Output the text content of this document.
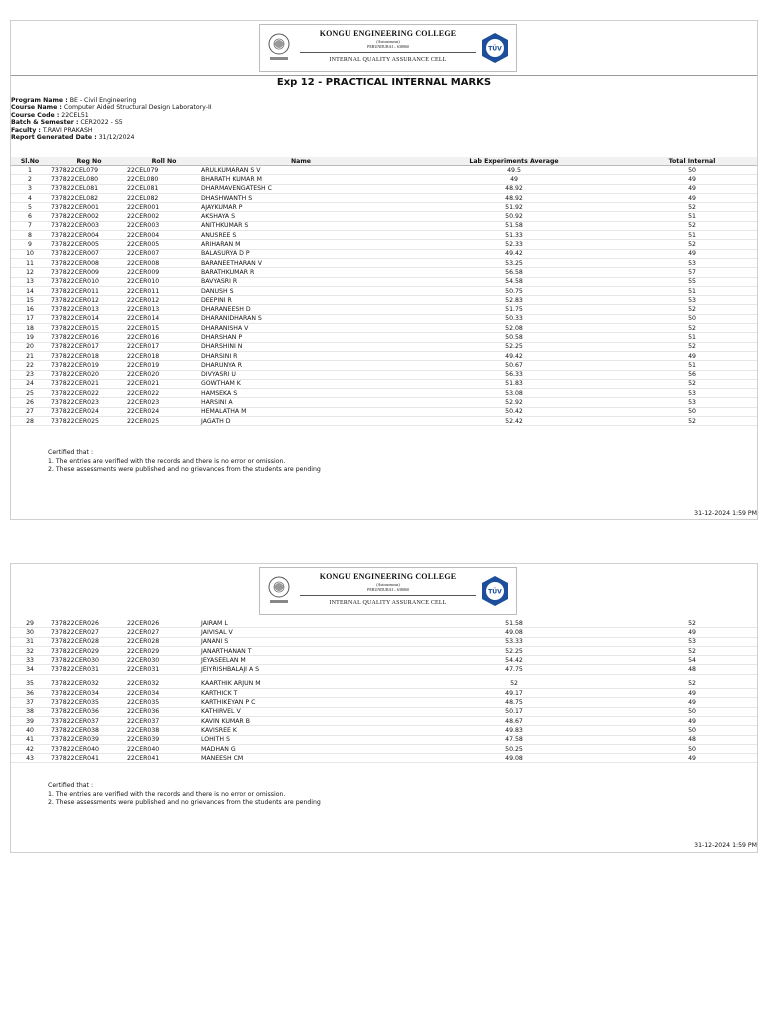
KONGU ENGINEERING COLLEGE
(Autonomous)
PERUNDURAI – 638060
INTERNAL QUALITY ASSURANCE CELL
TÜV
Exp 12 - PRACTICAL INTERNAL MARKS
Program Name : BE - Civil Engineering
Course Name : Computer Aided Structural Design Laboratory-II
Course Code : 22CEL51
Batch & Semester : CER2022 - S5
Faculty : T.RAVI PRAKASH
Report Generated Date : 31/12/2024
Sl.No	Reg No	Roll No	Name	Lab Experiments Average	Total Internal
1	737822CEL079	22CEL079	ARULKUMARAN S V	49.5	50
2	737822CEL080	22CEL080	BHARATH KUMAR M	49	49
3	737822CEL081	22CEL081	DHARMAVENGATESH C	48.92	49
4	737822CEL082	22CEL082	DHASHWANTH S	48.92	49
5	737822CER001	22CER001	AJAYKUMAR P	51.92	52
6	737822CER002	22CER002	AKSHAYA S	50.92	51
7	737822CER003	22CER003	ANITHKUMAR S	51.58	52
8	737822CER004	22CER004	ANUSREE S	51.33	51
9	737822CER005	22CER005	ARIHARAN M	52.33	52
10	737822CER007	22CER007	BALASURYA D P	49.42	49
11	737822CER008	22CER008	BARANEETHARAN V	53.25	53
12	737822CER009	22CER009	BARATHKUMAR R	56.58	57
13	737822CER010	22CER010	BAVYASRI R	54.58	55
14	737822CER011	22CER011	DANUSH S	50.75	51
15	737822CER012	22CER012	DEEPINI R	52.83	53
16	737822CER013	22CER013	DHARANEESH D	51.75	52
17	737822CER014	22CER014	DHARANIDHARAN S	50.33	50
18	737822CER015	22CER015	DHARANISHA V	52.08	52
19	737822CER016	22CER016	DHARSHAN P	50.58	51
20	737822CER017	22CER017	DHARSHINI N	52.25	52
21	737822CER018	22CER018	DHARSINI R	49.42	49
22	737822CER019	22CER019	DHARUNYA R	50.67	51
23	737822CER020	22CER020	DIVYASRI U	56.33	56
24	737822CER021	22CER021	GOWTHAM K	51.83	52
25	737822CER022	22CER022	HAMSEKA S	53.08	53
26	737822CER023	22CER023	HARSINI A	52.92	53
27	737822CER024	22CER024	HEMALATHA M	50.42	50
28	737822CER025	22CER025	JAGATH D	52.42	52
Certified that :
1. The entries are verified with the records and there is no error or omission.
2. These assessments were published and no grievances from the students are pending
31-12-2024 1:59 PM
KONGU ENGINEERING COLLEGE
(Autonomous)
PERUNDURAI – 638060
INTERNAL QUALITY ASSURANCE CELL
TÜV
29	737822CER026	22CER026	JAIRAM L	51.58	52
30	737822CER027	22CER027	JAIVISAL V	49.08	49
31	737822CER028	22CER028	JANANI S	53.33	53
32	737822CER029	22CER029	JANARTHANAN T	52.25	52
33	737822CER030	22CER030	JEYASEELAN M	54.42	54
34	737822CER031	22CER031	JEIYRISHBALAJI A S	47.75	48

35	737822CER032	22CER032	KAARTHIK ARJUN M	52	52
36	737822CER034	22CER034	KARTHICK T	49.17	49
37	737822CER035	22CER035	KARTHIKEYAN P C	48.75	49
38	737822CER036	22CER036	KATHIRVEL V	50.17	50
39	737822CER037	22CER037	KAVIN KUMAR B	48.67	49
40	737822CER038	22CER038	KAVISREE K	49.83	50
41	737822CER039	22CER039	LOHITH S	47.58	48
42	737822CER040	22CER040	MADHAN G	50.25	50
43	737822CER041	22CER041	MANEESH CM	49.08	49
Certified that :
1. The entries are verified with the records and there is no error or omission.
2. These assessments were published and no grievances from the students are pending
31-12-2024 1:59 PM
